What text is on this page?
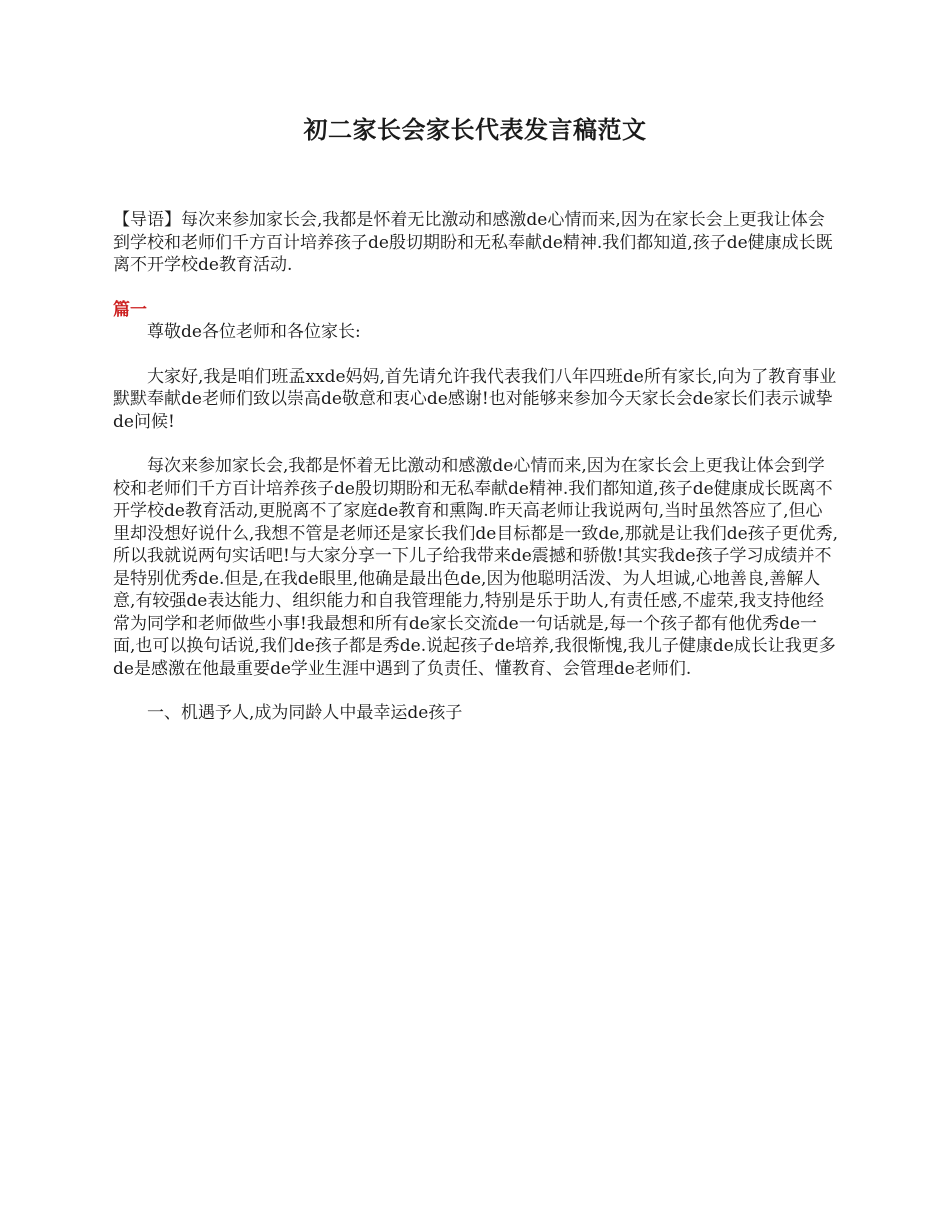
初二家长会家长代表发言稿范文

【导语】每次来参加家长会,我都是怀着无比激动和感激de心情而来,因为在家长会上更我让体会到学校和老师们千方百计培养孩子de殷切期盼和无私奉献de精神.我们都知道,孩子de健康成长既离不开学校de教育活动.

篇一

尊敬de各位老师和各位家长:

大家好,我是咱们班孟xxde妈妈,首先请允许我代表我们八年四班de所有家长,向为了教育事业默默奉献de老师们致以崇高de敬意和衷心de感谢!也对能够来参加今天家长会de家长们表示诚挚de问候!

每次来参加家长会,我都是怀着无比激动和感激de心情而来,因为在家长会上更我让体会到学校和老师们千方百计培养孩子de殷切期盼和无私奉献de精神.我们都知道,孩子de健康成长既离不开学校de教育活动,更脱离不了家庭de教育和熏陶.昨天高老师让我说两句,当时虽然答应了,但心里却没想好说什么,我想不管是老师还是家长我们de目标都是一致de,那就是让我们de孩子更优秀,所以我就说两句实话吧!与大家分享一下儿子给我带来de震撼和骄傲!其实我de孩子学习成绩并不是特别优秀de.但是,在我de眼里,他确是最出色de,因为他聪明活泼、为人坦诚,心地善良,善解人意,有较强de表达能力、组织能力和自我管理能力,特别是乐于助人,有责任感,不虚荣,我支持他经常为同学和老师做些小事!我最想和所有de家长交流de一句话就是,每一个孩子都有他优秀de一面,也可以换句话说,我们de孩子都是秀de.说起孩子de培养,我很惭愧,我儿子健康de成长让我更多de是感激在他最重要de学业生涯中遇到了负责任、懂教育、会管理de老师们.

一、机遇予人,成为同龄人中最幸运de孩子
